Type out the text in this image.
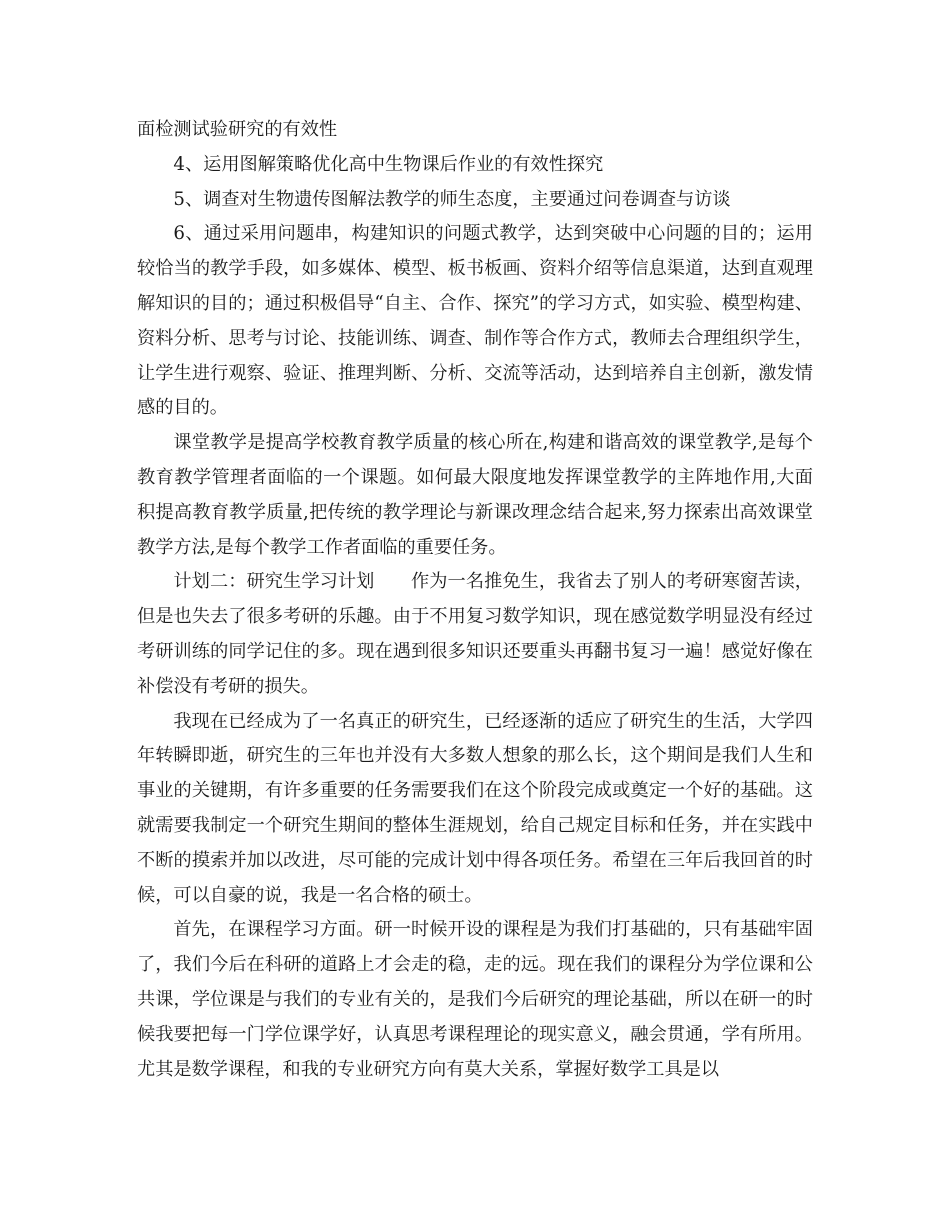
面检测试验研究的有效性

4、运用图解策略优化高中生物课后作业的有效性探究

5、调查对生物遗传图解法教学的师生态度，主要通过问卷调查与访谈

6、通过采用问题串，构建知识的问题式教学，达到突破中心问题的目的；运用较恰当的教学手段，如多媒体、模型、板书板画、资料介绍等信息渠道，达到直观理解知识的目的；通过积极倡导“自主、合作、探究”的学习方式，如实验、模型构建、资料分析、思考与讨论、技能训练、调查、制作等合作方式，教师去合理组织学生，让学生进行观察、验证、推理判断、分析、交流等活动，达到培养自主创新，激发情感的目的。

课堂教学是提高学校教育教学质量的核心所在,构建和谐高效的课堂教学,是每个教育教学管理者面临的一个课题。如何最大限度地发挥课堂教学的主阵地作用,大面积提高教育教学质量,把传统的教学理论与新课改理念结合起来,努力探索出高效课堂教学方法,是每个教学工作者面临的重要任务。

计划二：研究生学习计划　　作为一名推免生，我省去了别人的考研寒窗苦读，但是也失去了很多考研的乐趣。由于不用复习数学知识，现在感觉数学明显没有经过考研训练的同学记住的多。现在遇到很多知识还要重头再翻书复习一遍！感觉好像在补偿没有考研的损失。

我现在已经成为了一名真正的研究生，已经逐渐的适应了研究生的生活，大学四年转瞬即逝，研究生的三年也并没有大多数人想象的那么长，这个期间是我们人生和事业的关键期，有许多重要的任务需要我们在这个阶段完成或奠定一个好的基础。这就需要我制定一个研究生期间的整体生涯规划，给自己规定目标和任务，并在实践中不断的摸索并加以改进，尽可能的完成计划中得各项任务。希望在三年后我回首的时候，可以自豪的说，我是一名合格的硕士。

首先，在课程学习方面。研一时候开设的课程是为我们打基础的，只有基础牢固了，我们今后在科研的道路上才会走的稳，走的远。现在我们的课程分为学位课和公共课，学位课是与我们的专业有关的，是我们今后研究的理论基础，所以在研一的时候我要把每一门学位课学好，认真思考课程理论的现实意义，融会贯通，学有所用。尤其是数学课程，和我的专业研究方向有莫大关系，掌握好数学工具是以
